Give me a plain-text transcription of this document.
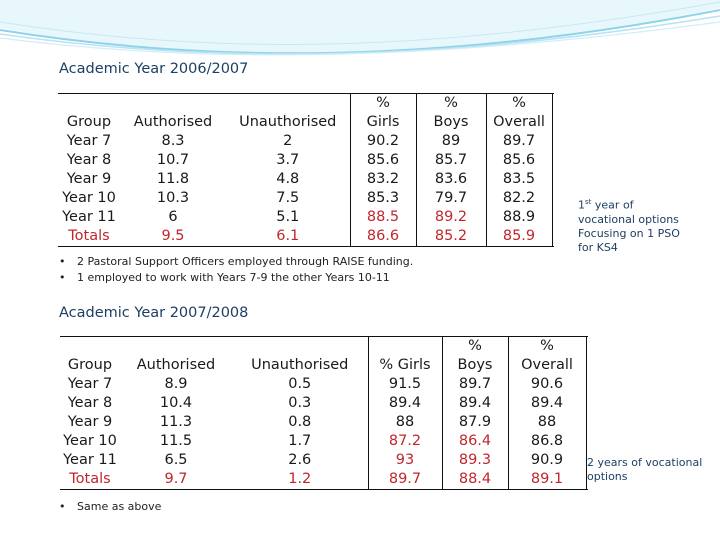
Academic Year 2006/2007
			%	%	%	
Group	Authorised	Unauthorised	Girls	Boys	Overall	
Year 7	8.3	2	90.2	89	89.7	
Year 8	10.7	3.7	85.6	85.7	85.6	
Year 9	11.8	4.8	83.2	83.6	83.5	
Year 10	10.3	7.5	85.3	79.7	82.2	
Year 11	6	5.1	88.5	89.2	88.9	
Totals	9.5	6.1	86.6	85.2	85.9	
• 2 Pastoral Support Officers employed through RAISE funding.
• 1 employed to work with Years 7-9 the other Years 10-11
1st year of
vocational options
Focusing on 1 PSO
for KS4
Academic Year 2007/2008
				%	%	
Group	Authorised	Unauthorised	% Girls	Boys	Overall	
Year 7	8.9	0.5	91.5	89.7	90.6	
Year 8	10.4	0.3	89.4	89.4	89.4	
Year 9	11.3	0.8	88	87.9	88	
Year 10	11.5	1.7	87.2	86.4	86.8	
Year 11	6.5	2.6	93	89.3	90.9	
Totals	9.7	1.2	89.7	88.4	89.1	
• Same as above
2 years of vocational
options
